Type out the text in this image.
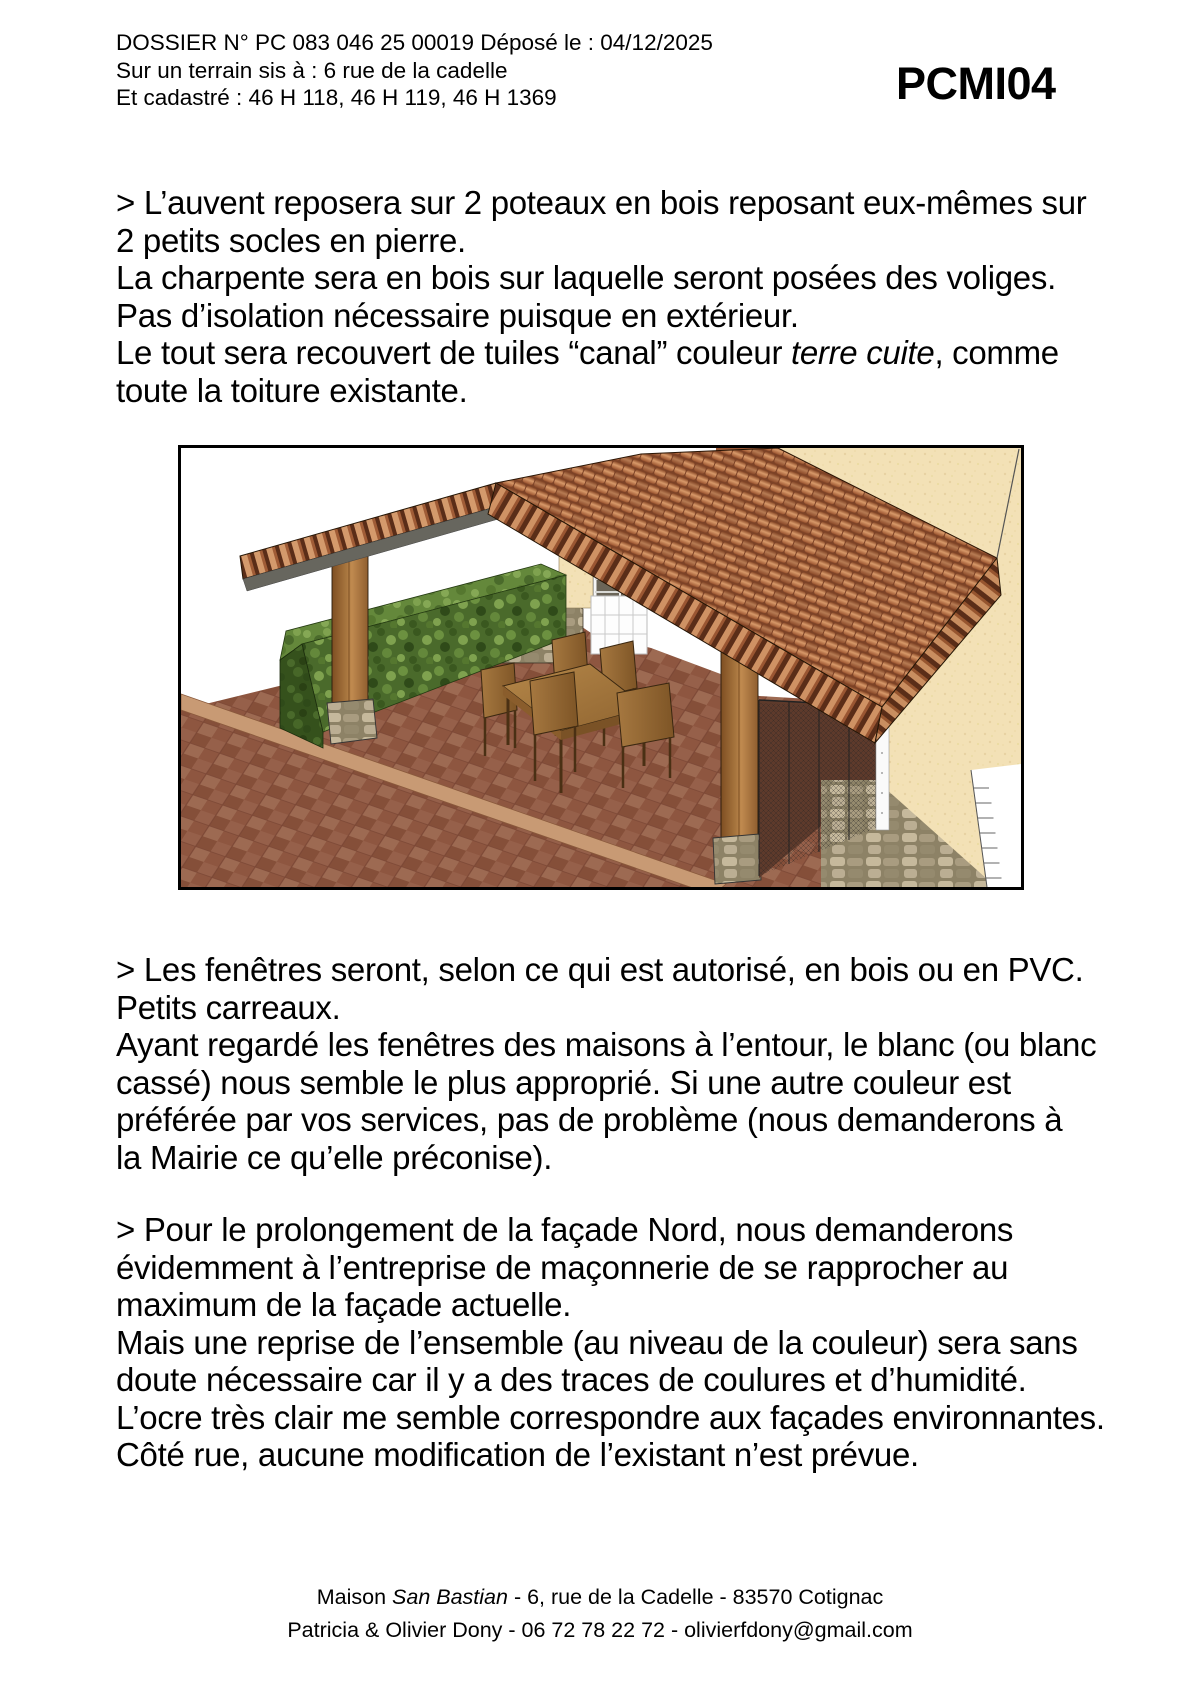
DOSSIER N° PC 083 046 25 00019 Déposé le : 04/12/2025
Sur un terrain sis à : 6 rue de la cadelle
Et cadastré : 46 H 118, 46 H 119, 46 H 1369	PCMI04
> L’auvent reposera sur 2 poteaux en bois reposant eux-mêmes sur
2 petits socles en pierre.
La charpente sera en bois sur laquelle seront posées des voliges.
Pas d’isolation nécessaire puisque en extérieur.
Le tout sera recouvert de tuiles “canal” couleur terre cuite, comme
toute la toiture existante.
> Les fenêtres seront, selon ce qui est autorisé, en bois ou en PVC.
Petits carreaux.
Ayant regardé les fenêtres des maisons à l’entour, le blanc (ou blanc
cassé) nous semble le plus approprié. Si une autre couleur est
préférée par vos services, pas de problème (nous demanderons à
la Mairie ce qu’elle préconise).
> Pour le prolongement de la façade Nord, nous demanderons
évidemment à l’entreprise de maçonnerie de se rapprocher au
maximum de la façade actuelle.
Mais une reprise de l’ensemble (au niveau de la couleur) sera sans
doute nécessaire car il y a des traces de coulures et d’humidité.
L’ocre très clair me semble correspondre aux façades environnantes.
Côté rue, aucune modification de l’existant n’est prévue.
Maison San Bastian - 6, rue de la Cadelle - 83570 Cotignac
Patricia & Olivier Dony - 06 72 78 22 72 - olivierfdony@gmail.com
